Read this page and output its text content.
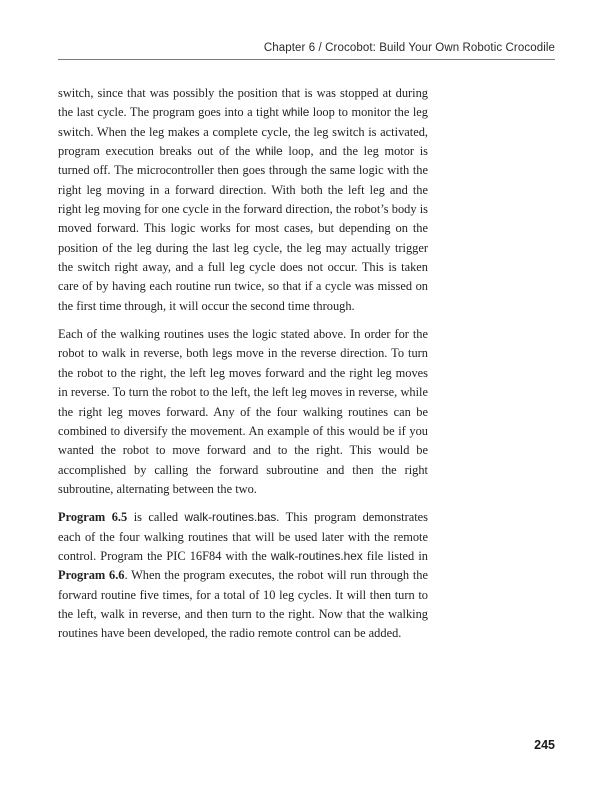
Chapter 6 / Crocobot: Build Your Own Robotic Crocodile

switch, since that was possibly the position that is was stopped at during the last cycle. The program goes into a tight while loop to monitor the leg switch. When the leg makes a complete cycle, the leg switch is activated, program execution breaks out of the while loop, and the leg motor is turned off. The microcontroller then goes through the same logic with the right leg moving in a forward direction. With both the left leg and the right leg moving for one cycle in the forward direction, the robot’s body is moved forward. This logic works for most cases, but depending on the position of the leg during the last leg cycle, the leg may actually trigger the switch right away, and a full leg cycle does not occur. This is taken care of by having each routine run twice, so that if a cycle was missed on the first time through, it will occur the second time through.

Each of the walking routines uses the logic stated above. In order for the robot to walk in reverse, both legs move in the reverse direction. To turn the robot to the right, the left leg moves forward and the right leg moves in reverse. To turn the robot to the left, the left leg moves in reverse, while the right leg moves forward. Any of the four walking routines can be combined to diversify the movement. An example of this would be if you wanted the robot to move forward and to the right. This would be accomplished by calling the forward subroutine and then the right subroutine, alternating between the two.

Program 6.5 is called walk-routines.bas. This program demonstrates each of the four walking routines that will be used later with the remote control. Program the PIC 16F84 with the walk-routines.hex file listed in Program 6.6. When the program executes, the robot will run through the forward routine five times, for a total of 10 leg cycles. It will then turn to the left, walk in reverse, and then turn to the right. Now that the walking routines have been developed, the radio remote control can be added.

245
